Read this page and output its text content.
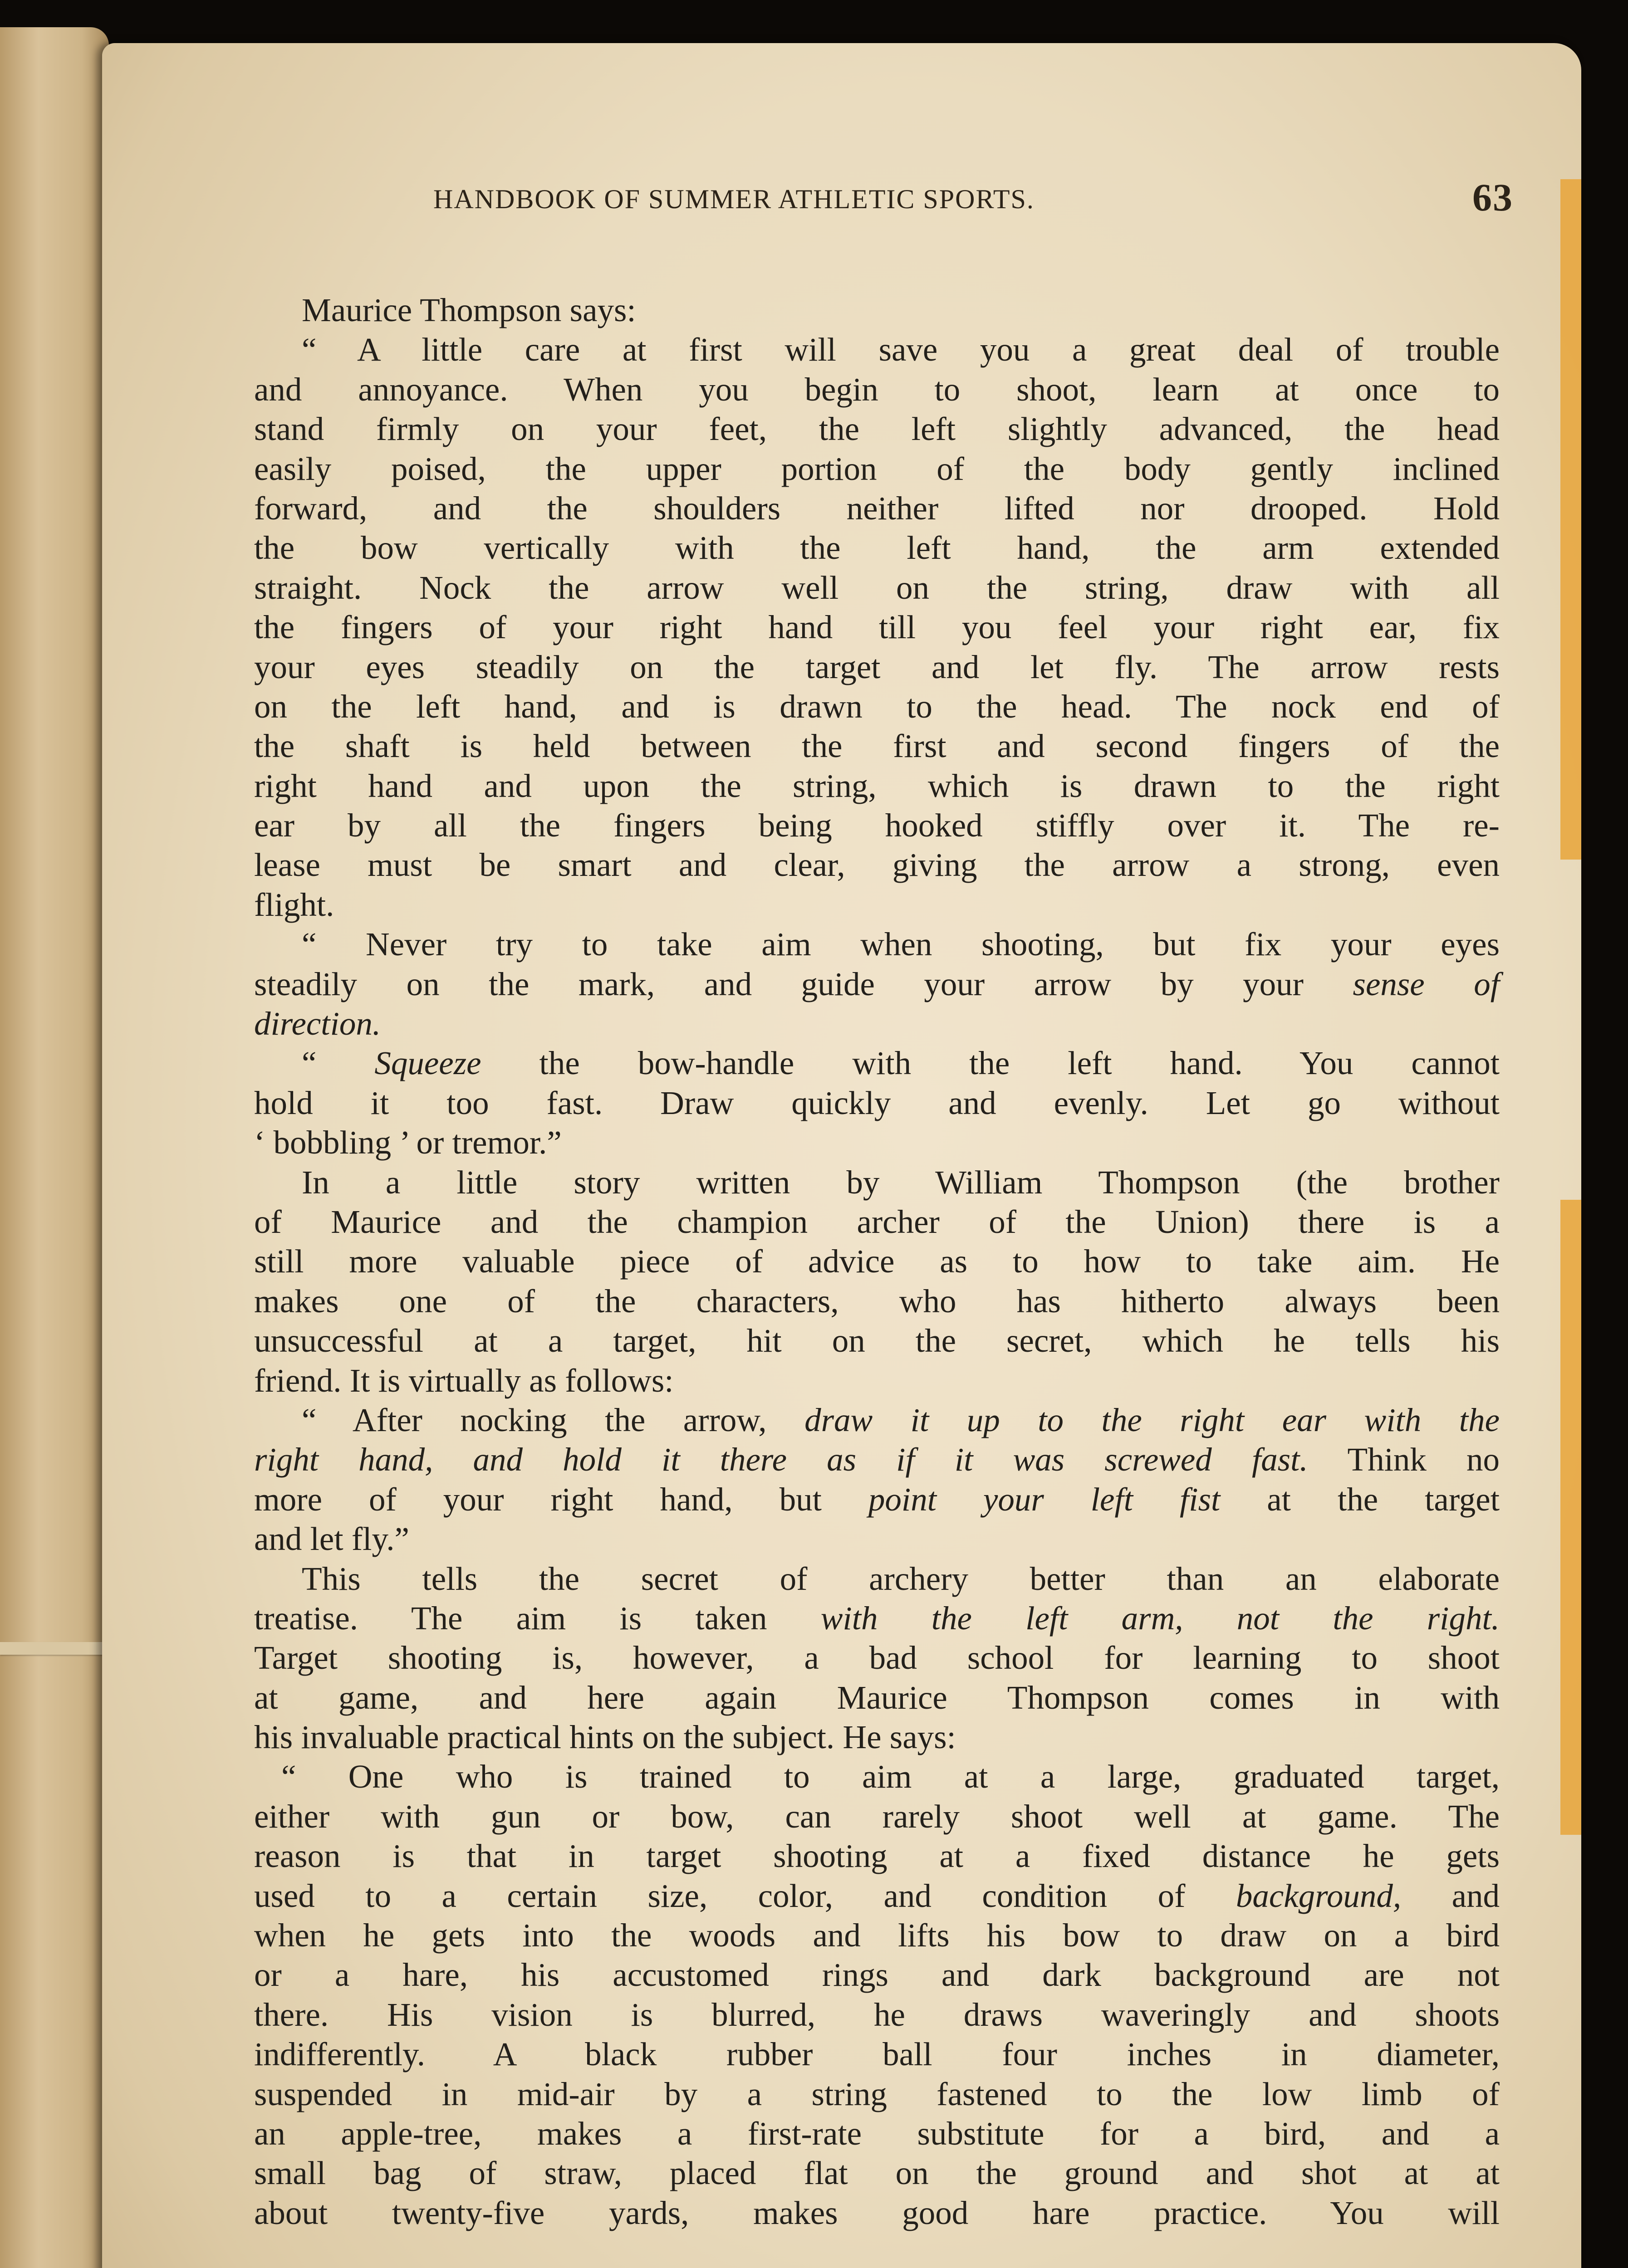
HANDBOOK OF SUMMER ATHLETIC SPORTS.	63
Maurice Thompson says:
“ A little care at first will save you a great deal of trouble
and annoyance. When you begin to shoot, learn at once to
stand firmly on your feet, the left slightly advanced, the head
easily poised, the upper portion of the body gently inclined
forward, and the shoulders neither lifted nor drooped. Hold
the bow vertically with the left hand, the arm extended
straight. Nock the arrow well on the string, draw with all
the fingers of your right hand till you feel your right ear, fix
your eyes steadily on the target and let fly. The arrow rests
on the left hand, and is drawn to the head. The nock end of
the shaft is held between the first and second fingers of the
right hand and upon the string, which is drawn to the right
ear by all the fingers being hooked stiffly over it. The re-
lease must be smart and clear, giving the arrow a strong, even
flight.
“ Never try to take aim when shooting, but fix your eyes
steadily on the mark, and guide your arrow by your sense of
direction.
“ Squeeze the bow-handle with the left hand. You cannot
hold it too fast. Draw quickly and evenly. Let go without
‘ bobbling ’ or tremor.”
In a little story written by William Thompson (the brother
of Maurice and the champion archer of the Union) there is a
still more valuable piece of advice as to how to take aim. He
makes one of the characters, who has hitherto always been
unsuccessful at a target, hit on the secret, which he tells his
friend. It is virtually as follows:
“ After nocking the arrow, draw it up to the right ear with the
right hand, and hold it there as if it was screwed fast. Think no
more of your right hand, but point your left fist at the target
and let fly.”
This tells the secret of archery better than an elaborate
treatise. The aim is taken with the left arm, not the right.
Target shooting is, however, a bad school for learning to shoot
at game, and here again Maurice Thompson comes in with
his invaluable practical hints on the subject. He says:
“ One who is trained to aim at a large, graduated target,
either with gun or bow, can rarely shoot well at game. The
reason is that in target shooting at a fixed distance he gets
used to a certain size, color, and condition of background, and
when he gets into the woods and lifts his bow to draw on a bird
or a hare, his accustomed rings and dark background are not
there. His vision is blurred, he draws waveringly and shoots
indifferently. A black rubber ball four inches in diameter,
suspended in mid-air by a string fastened to the low limb of
an apple-tree, makes a first-rate substitute for a bird, and a
small bag of straw, placed flat on the ground and shot at at
about twenty-five yards, makes good hare practice. You will
